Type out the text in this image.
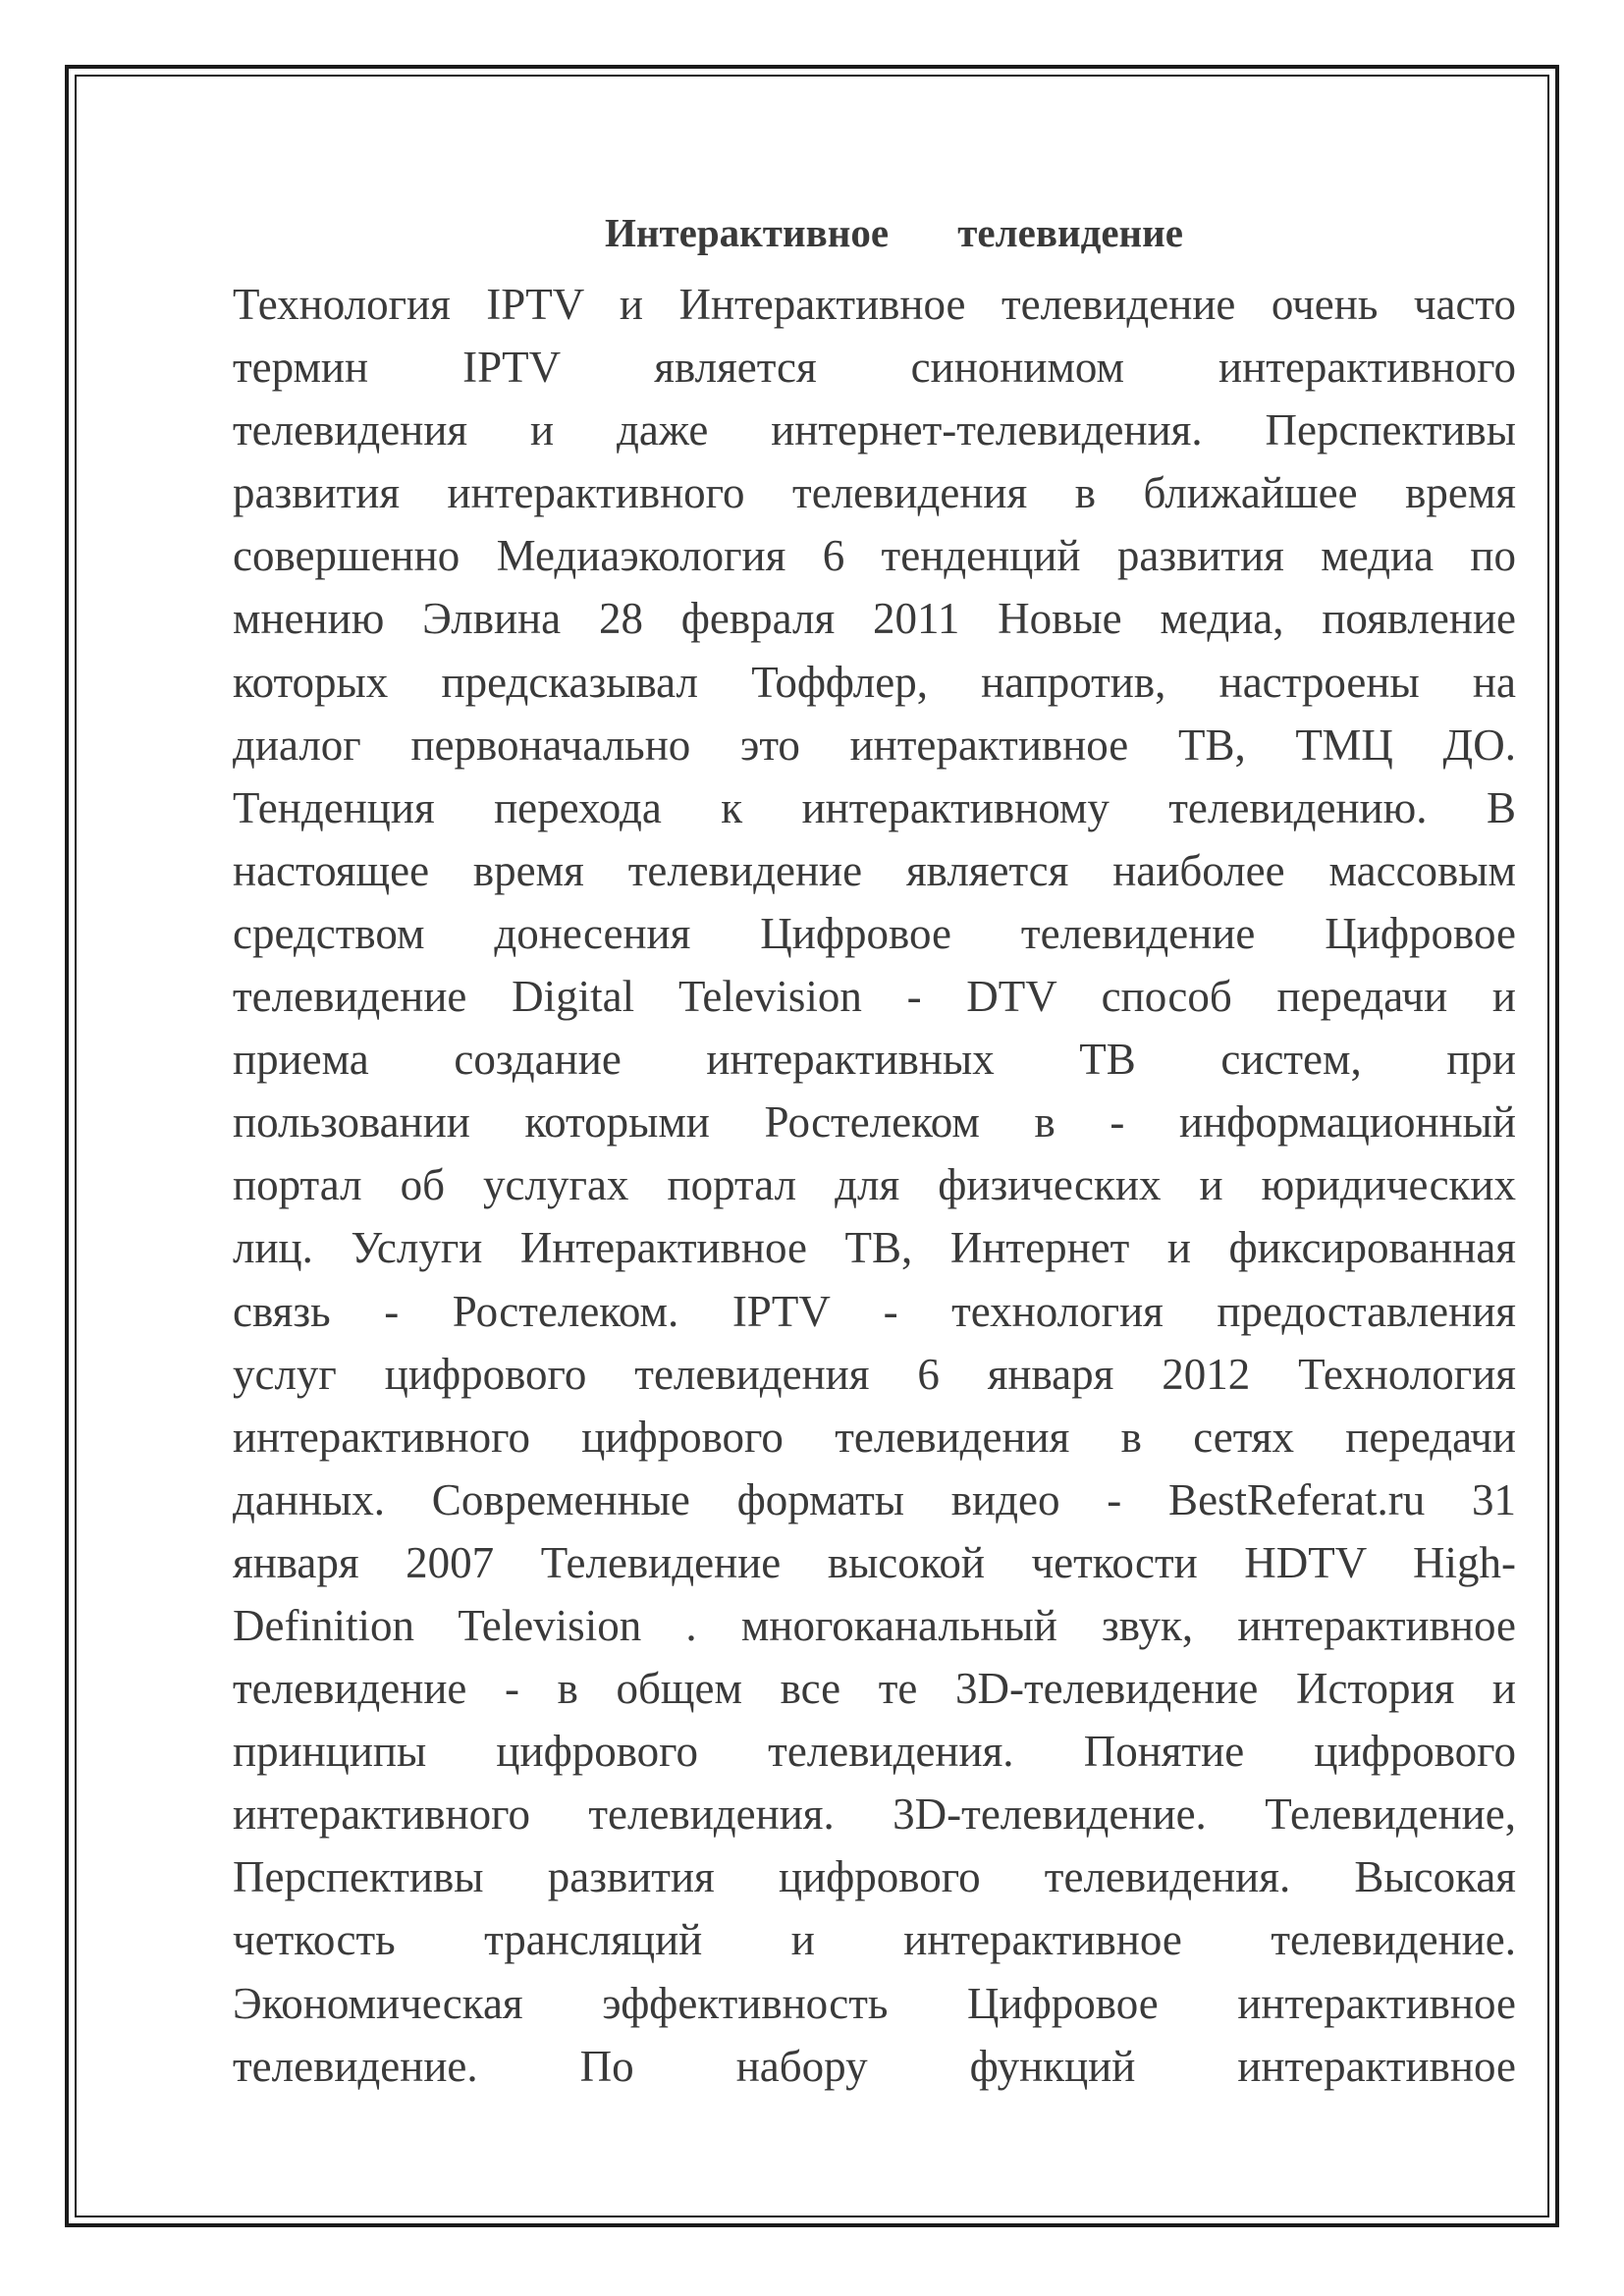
Интерактивное телевидение
Технология IPTV и Интерактивное телевидение очень часто
термин IPTV является синонимом интерактивного
телевидения и даже интернет-телевидения. Перспективы
развития интерактивного телевидения в ближайшее время
совершенно Медиаэкология 6 тенденций развития медиа по
мнению Элвина 28 февраля 2011 Новые медиа, появление
которых предсказывал Тоффлер, напротив, настроены на
диалог первоначально это интерактивное ТВ, ТМЦ ДО.
Тенденция перехода к интерактивному телевидению. В
настоящее время телевидение является наиболее массовым
средством донесения Цифровое телевидение Цифровое
телевидение Digital Television - DTV способ передачи и
приема создание интерактивных ТВ систем, при
пользовании которыми Ростелеком в - информационный
портал об услугах портал для физических и юридических
лиц. Услуги Интерактивное ТВ, Интернет и фиксированная
связь - Ростелеком. IPTV - технология предоставления
услуг цифрового телевидения 6 января 2012 Технология
интерактивного цифрового телевидения в сетях передачи
данных. Современные форматы видео - BestReferat.ru 31
января 2007 Телевидение высокой четкости HDTV High-
Definition Television . многоканальный звук, интерактивное
телевидение - в общем все те 3D-телевидение История и
принципы цифрового телевидения. Понятие цифрового
интерактивного телевидения. 3D-телевидение. Телевидение,
Перспективы развития цифрового телевидения. Высокая
четкость трансляций и интерактивное телевидение.
Экономическая эффективность Цифровое интерактивное
телевидение. По набору функций интерактивное
